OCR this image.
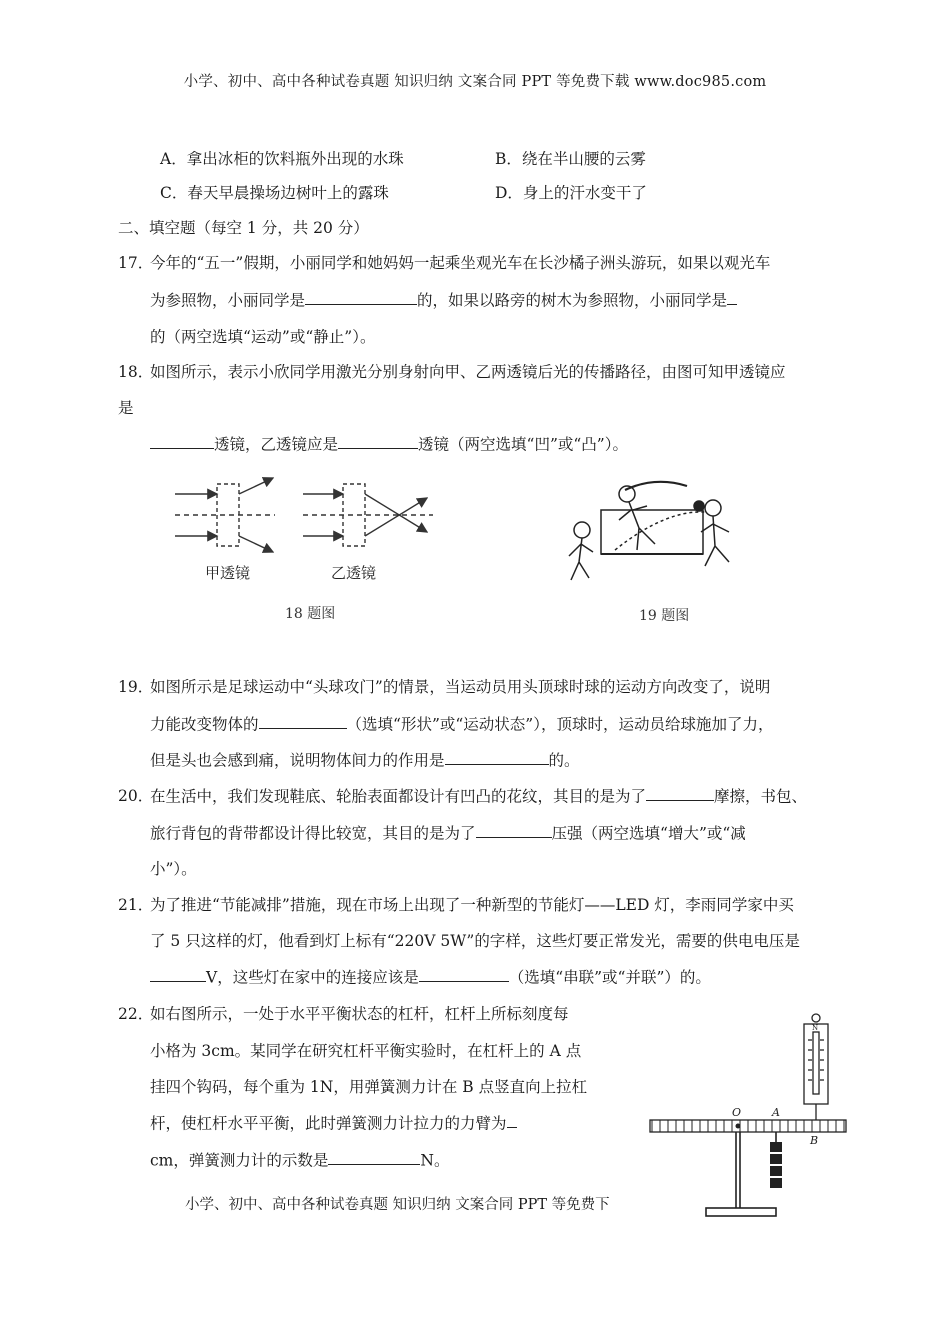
小学、初中、高中各种试卷真题 知识归纳 文案合同 PPT 等免费下载 www.doc985.com
A．拿出冰柜的饮料瓶外出现的水珠	B．绕在半山腰的云雾
C．春天早晨操场边树叶上的露珠	D．身上的汗水变干了
二、填空题（每空 1 分，共 20 分）
17．
今年的“五一”假期，小丽同学和她妈妈一起乘坐观光车在长沙橘子洲头游玩，如果以观光车
为参照物，小丽同学是	的，如果以路旁的树木为参照物，小丽同学是
的（两空选填“运动”或“静止”）。
18．
如图所示，表示小欣同学用激光分别身射向甲、乙两透镜后光的传播路径，由图可知甲透镜应
是
透镜，乙透镜应是	透镜（两空选填“凹”或“凸”）。
甲透镜	乙透镜
18 题图	19 题图
19．
如图所示是足球运动中“头球攻门”的情景，当运动员用头顶球时球的运动方向改变了，说明
力能改变物体的	（选填“形状”或“运动状态”），顶球时，运动员给球施加了力，
但是头也会感到痛，说明物体间力的作用是	的。
20．
在生活中，我们发现鞋底、轮胎表面都设计有凹凸的花纹，其目的是为了	摩擦，书包、
旅行背包的背带都设计得比较宽，其目的是为了	压强（两空选填“增大”或“减
小”）。
21．
为了推进“节能减排”措施，现在市场上出现了一种新型的节能灯——LED 灯，李雨同学家中买
了 5 只这样的灯，他看到灯上标有“220V 5W”的字样，这些灯要正常发光，需要的供电电压是
V，这些灯在家中的连接应该是	（选填“串联”或“并联”）的。
22．
如右图所示，一处于水平平衡状态的杠杆，杠杆上所标刻度每
小格为 3cm。某同学在研究杠杆平衡实验时，在杠杆上的 A 点
挂四个钩码，每个重为 1N，用弹簧测力计在 B 点竖直向上拉杠
杆，使杠杆水平平衡，此时弹簧测力计拉力的力臂为
cm，弹簧测力计的示数是	N。
O	A
B
N
小学、初中、高中各种试卷真题 知识归纳 文案合同 PPT 等免费下
